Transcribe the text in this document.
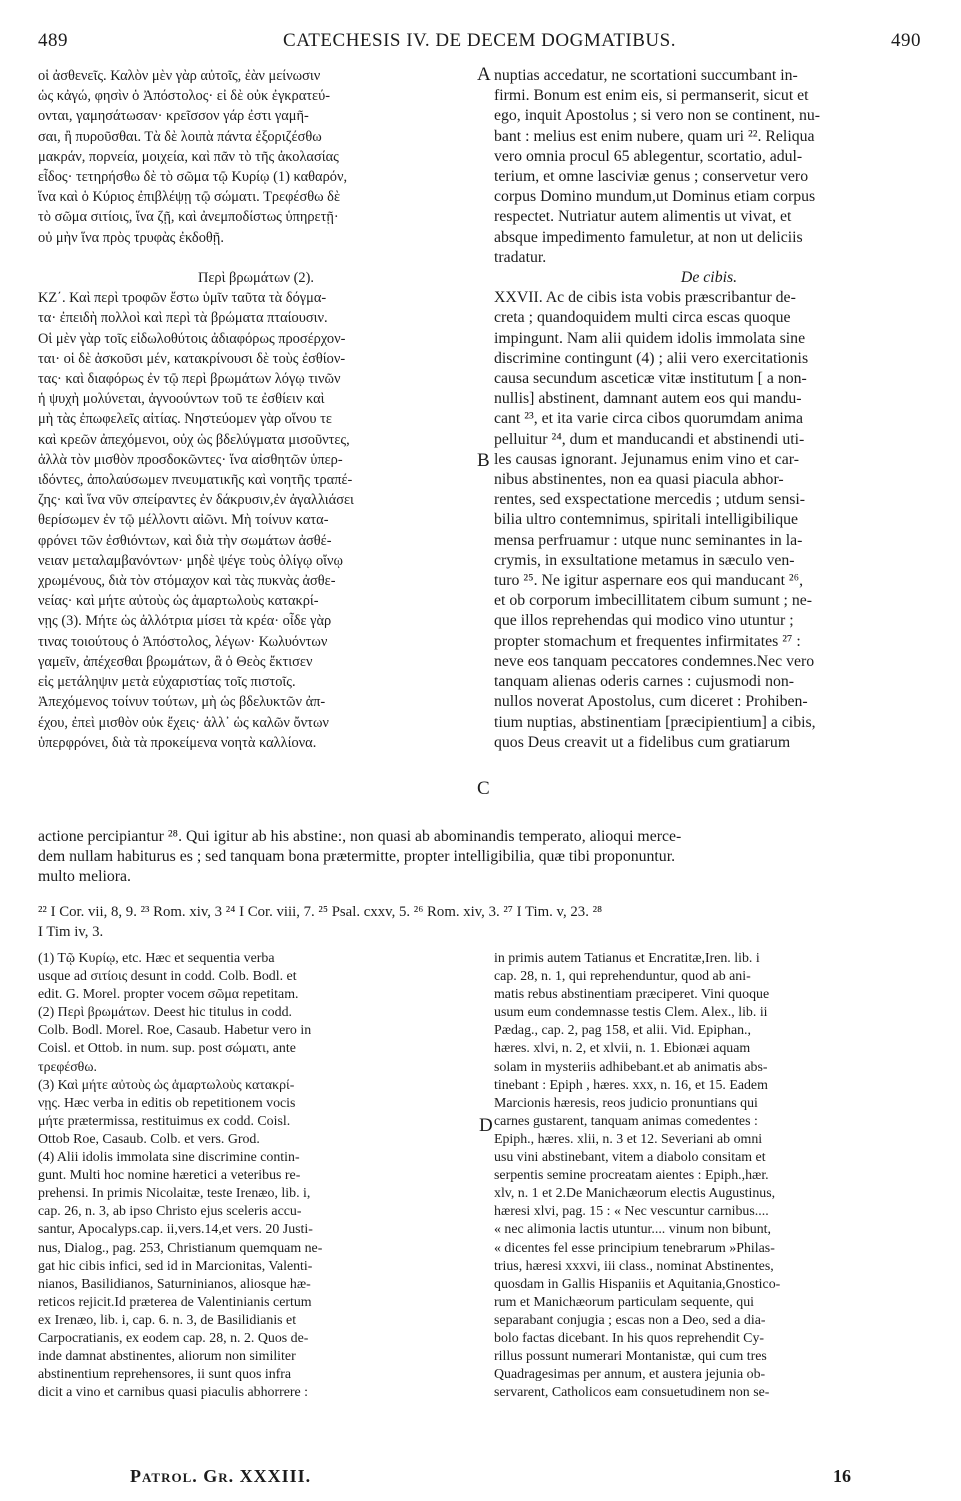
489	CATECHESIS IV. DE DECEM DOGMATIBUS.	490
οἱ ἀσθενεῖς. Καλὸν μὲν γὰρ αὐτοῖς, ἐὰν μείνωσιν
ὡς κἀγώ, φησὶν ὁ Ἀπόστολος· εἰ δὲ οὐκ ἐγκρατεύ-
ονται, γαμησάτωσαν· κρεῖσσον γάρ ἐστι γαμῆ-
σαι, ἢ πυροῦσθαι. Τὰ δὲ λοιπὰ πάντα ἐξοριζέσθω
μακράν, πορνεία, μοιχεία, καὶ πᾶν τὸ τῆς ἀκολασίας
εἶδος· τετηρήσθω δὲ τὸ σῶμα τῷ Κυρίῳ (1) καθαρόν,
ἵνα καὶ ὁ Κύριος ἐπιβλέψῃ τῷ σώματι. Τρεφέσθω δὲ
τὸ σῶμα σιτίοις, ἵνα ζῇ, καὶ ἀνεμποδίστως ὑπηρετῇ·
οὐ μὴν ἵνα πρὸς τρυφὰς ἐκδοθῇ.

Περὶ βρωμάτων (2).
ΚΖ΄. Καὶ περὶ τροφῶν ἔστω ὑμῖν ταῦτα τὰ δόγμα-
τα· ἐπειδὴ πολλοὶ καὶ περὶ τὰ βρώματα πταίουσιν.
Οἱ μὲν γὰρ τοῖς εἰδωλοθύτοις ἀδιαφόρως προσέρχον-
ται· οἱ δὲ ἀσκοῦσι μέν, κατακρίνουσι δὲ τοὺς ἐσθίον-
τας· καὶ διαφόρως ἐν τῷ περὶ βρωμάτων λόγῳ τινῶν
ἡ ψυχὴ μολύνεται, ἀγνοούντων τοῦ τε ἐσθίειν καὶ
μὴ τὰς ἐπωφελεῖς αἰτίας. Νηστεύομεν γὰρ οἴνου τε
καὶ κρεῶν ἀπεχόμενοι, οὐχ ὡς βδελύγματα μισοῦντες,
ἀλλὰ τὸν μισθὸν προσδοκῶντες· ἵνα αἰσθητῶν ὑπερ-
ιδόντες, ἀπολαύσωμεν πνευματικῆς καὶ νοητῆς τραπέ-
ζης· καὶ ἵνα νῦν σπείραντες ἐν δάκρυσιν,ἐν ἀγαλλιάσει
θερίσωμεν ἐν τῷ μέλλοντι αἰῶνι. Μὴ τοίνυν κατα-
φρόνει τῶν ἐσθιόντων, καὶ διὰ τὴν σωμάτων ἀσθέ-
νειαν μεταλαμβανόντων· μηδὲ ψέγε τοὺς ὀλίγῳ οἴνῳ
χρωμένους, διὰ τὸν στόμαχον καὶ τὰς πυκνὰς ἀσθε-
νείας· καὶ μήτε αὐτοὺς ὡς ἁμαρτωλοὺς κατακρί-
νῃς (3). Μήτε ὡς ἀλλότρια μίσει τὰ κρέα· οἶδε γὰρ
τινας τοιούτους ὁ Ἀπόστολος, λέγων· Κωλυόντων
γαμεῖν, ἀπέχεσθαι βρωμάτων, ἃ ὁ Θεὸς ἔκτισεν
εἰς μετάληψιν μετὰ εὐχαριστίας τοῖς πιστοῖς.
Ἀπεχόμενος τοίνυν τούτων, μὴ ὡς βδελυκτῶν ἀπ-
έχου, ἐπεὶ μισθὸν οὐκ ἔχεις· ἀλλ᾽ ὡς καλῶν ὄντων
ὑπερφρόνει, διὰ τὰ προκείμενα νοητὰ καλλίονα.
nuptias accedatur, ne scortationi succumbant in-
firmi. Bonum est enim eis, si permanserit, sicut et
ego, inquit Apostolus ; si vero non se continent, nu-
bant : melius est enim nubere, quam uri ²². Reliqua
vero omnia procul 65 ablegentur, scortatio, adul-
terium, et omne lasciviæ genus ; conservetur vero
corpus Domino mundum,ut Dominus etiam corpus
respectet. Nutriatur autem alimentis ut vivat, et
absque impedimento famuletur, at non ut deliciis
tradatur.
De cibis.
XXVII. Ac de cibis ista vobis præscribantur de-
creta ; quandoquidem multi circa escas quoque
impingunt. Nam alii quidem idolis immolata sine
discrimine contingunt (4) ; alii vero exercitationis
causa secundum asceticæ vitæ institutum [ a non-
nullis] abstinent, damnant autem eos qui mandu-
cant ²³, et ita varie circa cibos quorumdam anima
pelluitur ²⁴, dum et manducandi et abstinendi uti-
les causas ignorant. Jejunamus enim vino et car-
nibus abstinentes, non ea quasi piacula abhor-
rentes, sed exspectatione mercedis ; utdum sensi-
bilia ultro contemnimus, spiritali intelligibilique
mensa perfruamur : utque nunc seminantes in la-
crymis, in exsultatione metamus in sæculo ven-
turo ²⁵. Ne igitur aspernare eos qui manducant ²⁶,
et ob corporum imbecillitatem cibum sumunt ; ne-
que illos reprehendas qui modico vino utuntur ;
propter stomachum et frequentes infirmitates ²⁷ :
neve eos tanquam peccatores condemnes.Nec vero
tanquam alienas oderis carnes : cujusmodi non-
nullos noverat Apostolus, cum diceret : Prohiben-
tium nuptias, abstinentiam [præcipientium] a cibis,
quos Deus creavit ut a fidelibus cum gratiarum
A
B
C
D
actione percipiantur ²⁸. Qui igitur ab his abstine:, non quasi ab abominandis temperato, alioqui merce-
dem nullam habiturus es ; sed tanquam bona prætermitte, propter intelligibilia, quæ tibi proponuntur.
multo meliora.
²² I Cor. vii, 8, 9. ²³ Rom. xiv, 3 ²⁴ I Cor. viii, 7. ²⁵ Psal. cxxv, 5. ²⁶ Rom. xiv, 3. ²⁷ I Tim. v, 23. ²⁸
I Tim iv, 3.
(1) Τῷ Κυρίῳ, etc. Hæc et sequentia verba
usque ad σιτίοις desunt in codd. Colb. Bodl. et
edit. G. Morel. propter vocem σῶμα repetitam.
(2) Περὶ βρωμάτων. Deest hic titulus in codd.
Colb. Bodl. Morel. Roe, Casaub. Habetur vero in
Coisl. et Ottob. in num. sup. post σώματι, ante
τρεφέσθω.
(3) Καὶ μήτε αὐτοὺς ὡς ἁμαρτωλοὺς κατακρί-
νῃς. Hæc verba in editis ob repetitionem vocis
μήτε prætermissa, restituimus ex codd. Coisl.
Ottob Roe, Casaub. Colb. et vers. Grod.
(4) Alii idolis immolata sine discrimine contin-
gunt. Multi hoc nomine hæretici a veteribus re-
prehensi. In primis Nicolaitæ, teste Irenæo, lib. i,
cap. 26, n. 3, ab ipso Christo ejus sceleris accu-
santur, Apocalyps.cap. ii,vers.14,et vers. 20 Justi-
nus, Dialog., pag. 253, Christianum quemquam ne-
gat hic cibis infici, sed id in Marcionitas, Valenti-
nianos, Basilidianos, Saturninianos, aliosque hæ-
reticos rejicit.Id præterea de Valentinianis certum
ex Irenæo, lib. i, cap. 6. n. 3, de Basilidianis et
Carpocratianis, ex eodem cap. 28, n. 2. Quos de-
inde damnat abstinentes, aliorum non similiter
abstinentium reprehensores, ii sunt quos infra
dicit a vino et carnibus quasi piaculis abhorrere :
in primis autem Tatianus et Encratitæ,Iren. lib. i
cap. 28, n. 1, qui reprehenduntur, quod ab ani-
matis rebus abstinentiam præciperet. Vini quoque
usum eum condemnasse testis Clem. Alex., lib. ii
Pædag., cap. 2, pag 158, et alii. Vid. Epiphan.,
hæres. xlvi, n. 2, et xlvii, n. 1. Ebionæi aquam
solam in mysteriis adhibebant.et ab animatis abs-
tinebant : Epiph , hæres. xxx, n. 16, et 15. Eadem
Marcionis hæresis, reos judicio pronuntians qui
carnes gustarent, tanquam animas comedentes :
Epiph., hæres. xlii, n. 3 et 12. Severiani ab omni
usu vini abstinebant, vitem a diabolo consitam et
serpentis semine procreatam aientes : Epiph.,hær.
xlv, n. 1 et 2.De Manichæorum electis Augustinus,
hæresi xlvi, pag. 15 : « Nec vescuntur carnibus....
« nec alimonia lactis utuntur.... vinum non bibunt,
« dicentes fel esse principium tenebrarum »Philas-
trius, hæresi xxxvi, iii class., nominat Abstinentes,
quosdam in Gallis Hispaniis et Aquitania,Gnostico-
rum et Manichæorum particulam sequente, qui
separabant conjugia ; escas non a Deo, sed a dia-
bolo factas dicebant. In his quos reprehendit Cy-
rillus possunt numerari Montanistæ, qui cum tres
Quadragesimas per annum, et austera jejunia ob-
servarent, Catholicos eam consuetudinem non se-
Patrol. Gr. XXXIII.	16
